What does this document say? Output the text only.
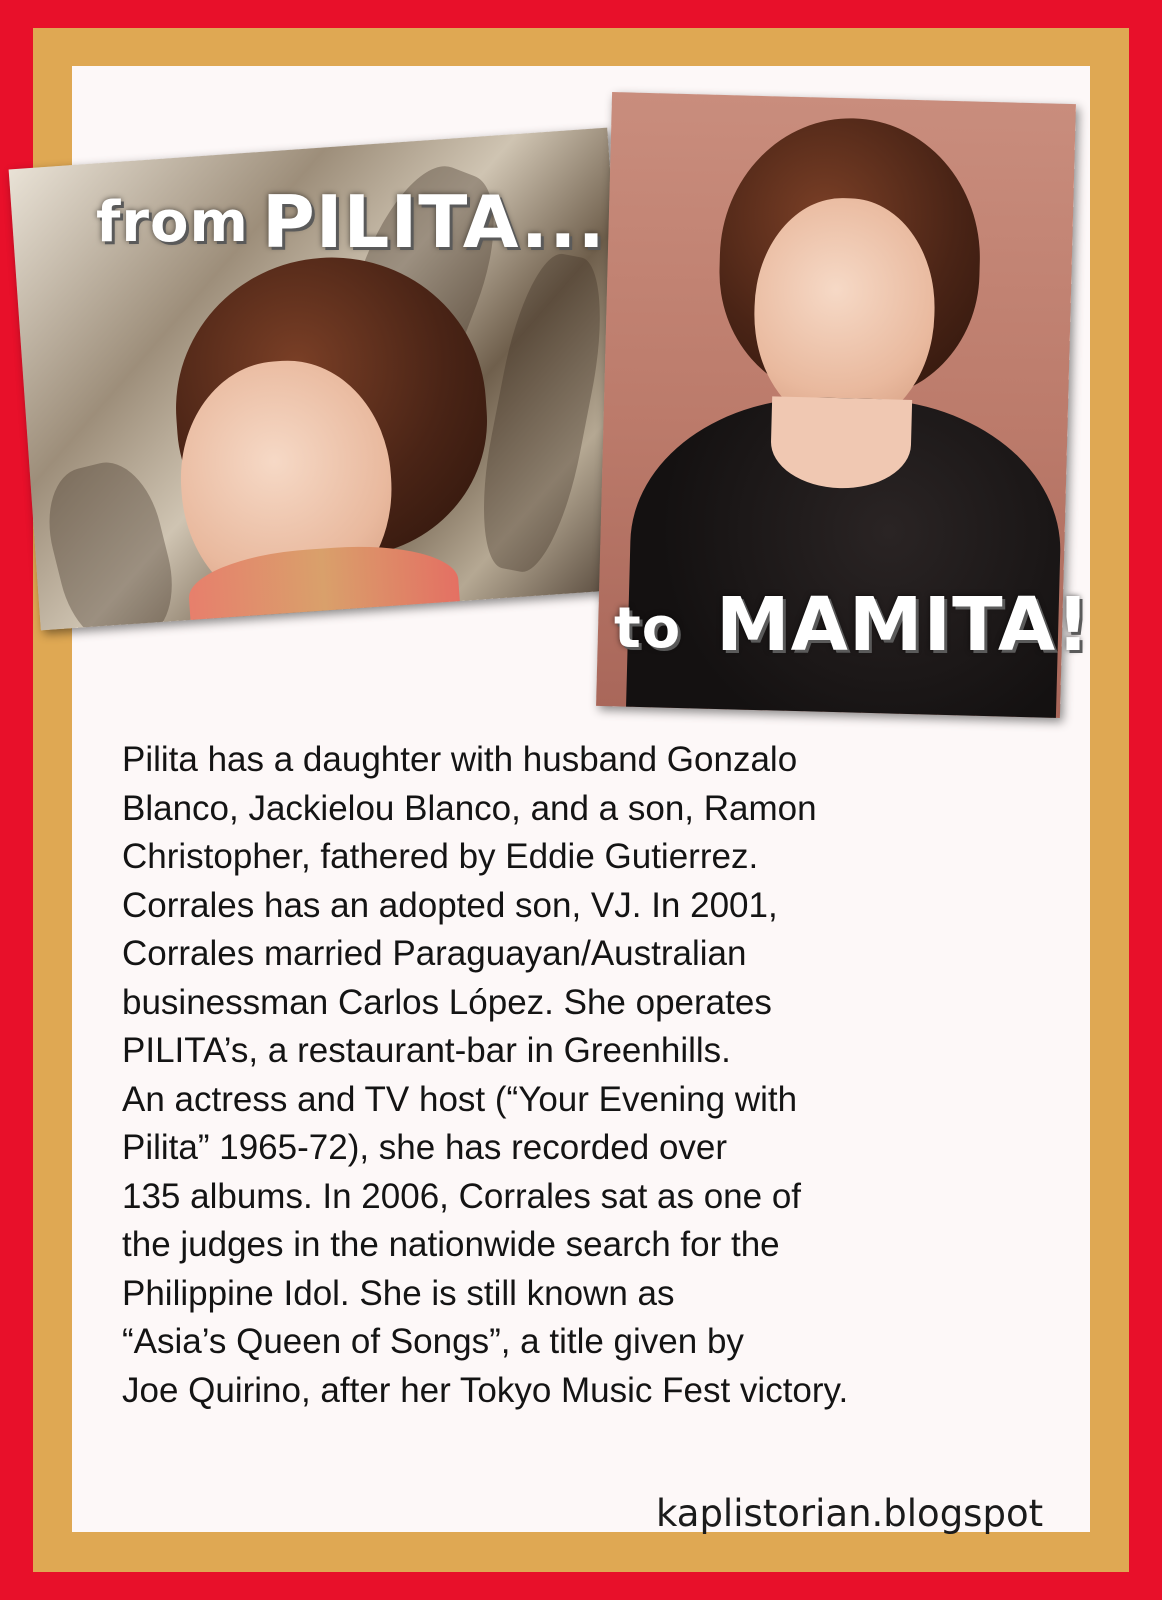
from PILITA...

to MAMITA!

Pilita has a daughter with husband Gonzalo
Blanco, Jackielou Blanco, and a son, Ramon
Christopher, fathered by Eddie Gutierrez.
Corrales has an adopted son, VJ. In 2001,
Corrales married Paraguayan/Australian
businessman Carlos López. She operates
PILITA’s, a restaurant-bar in Greenhills.
An actress and TV host (“Your Evening with
Pilita” 1965-72), she has recorded over
135 albums. In 2006, Corrales sat as one of
the judges in the nationwide search for the
Philippine Idol. She is still known as
“Asia’s Queen of Songs”, a title given by
Joe Quirino, after her Tokyo Music Fest victory.

kaplistorian.blogspot
